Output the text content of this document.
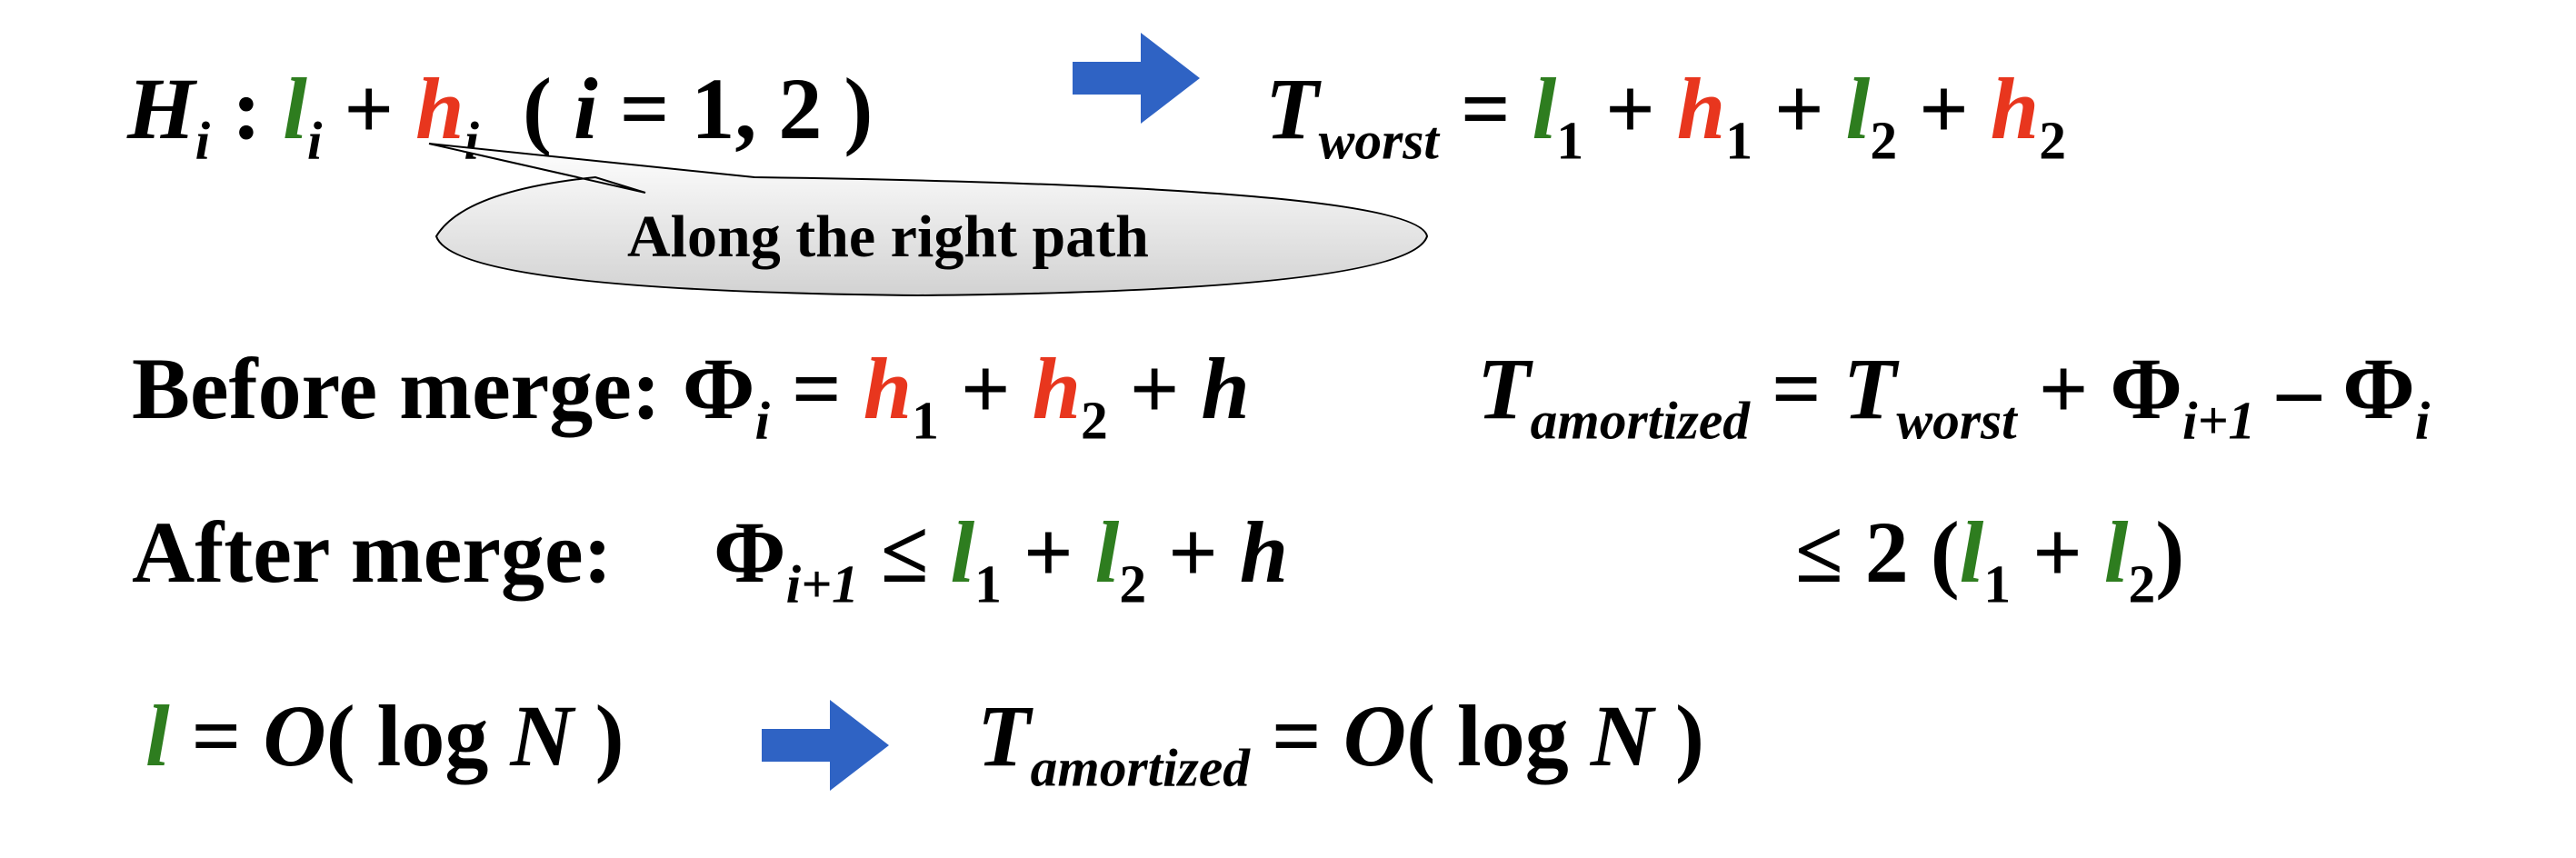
$H_i$ : $l_i + h_i$  ( i = 1, 2 )	$T_{worst} = l_1 + h_1 + l_2 + h_2$
Along the right path
Before merge: $\Phi_i = h_1 + h_2 + h$	$T_{amortized} = T_{worst} + \Phi_{i+1} - \Phi_i$
After merge: $\Phi_{i+1} \le l_1 + l_2 + h$	≤ 2 $(l_1 + l_2)$
l = O( log N )	$T_{amortized} = O$( log N )
